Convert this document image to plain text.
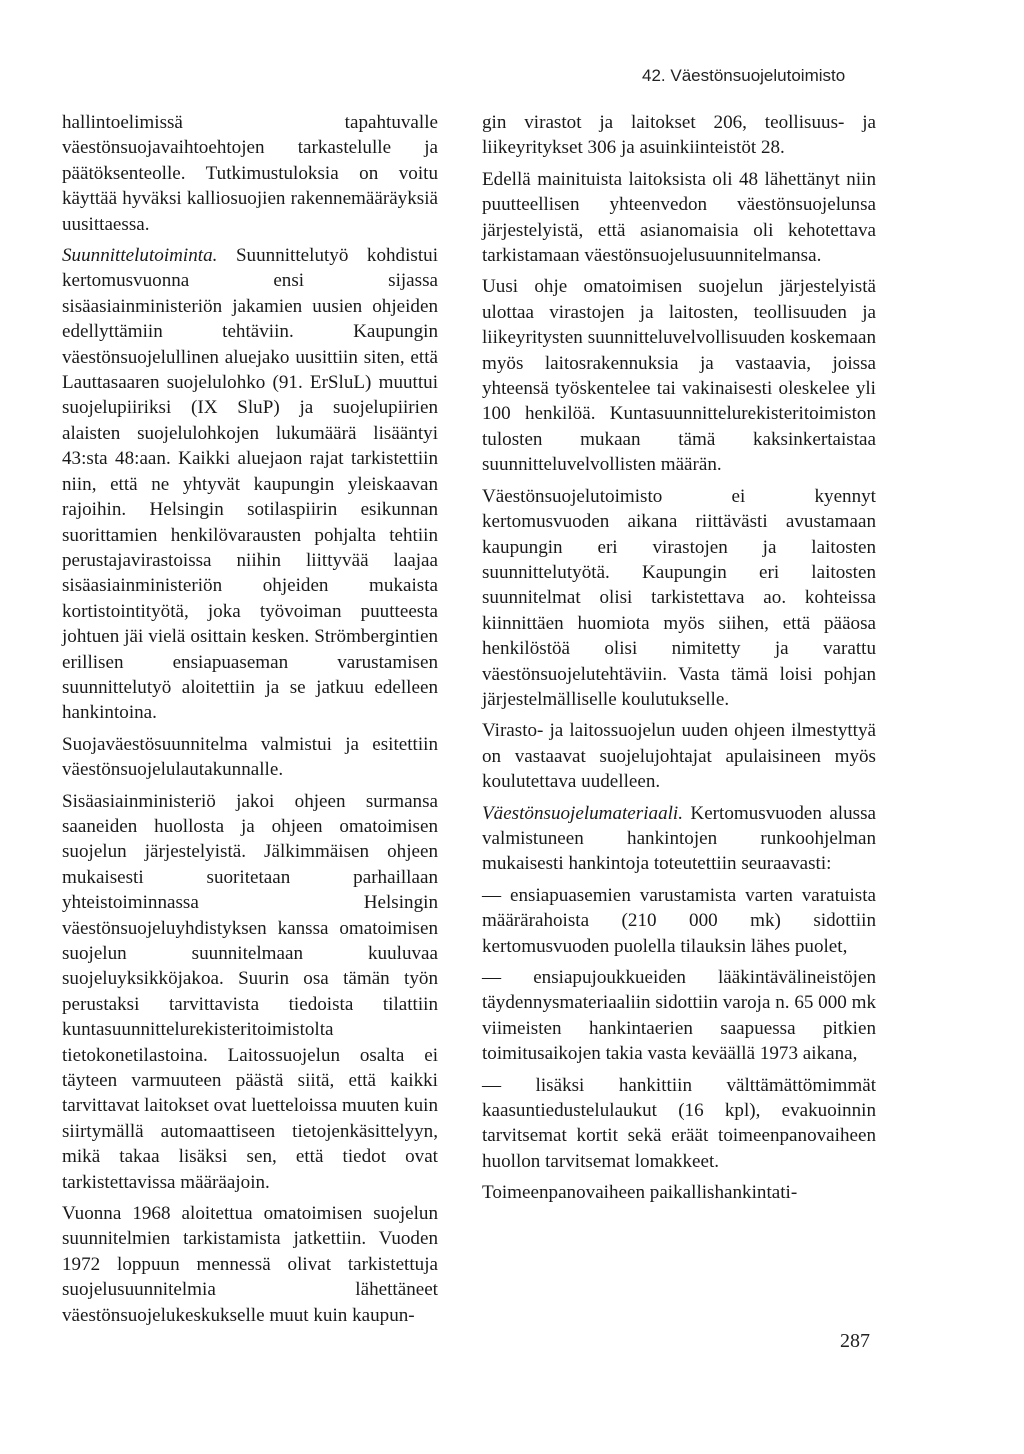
42. Väestönsuojelutoimisto

hallintoelimissä tapahtuvalle väestönsuojavaihtoehtojen tarkastelulle ja päätöksenteolle. Tutkimustuloksia on voitu käyttää hyväksi kalliosuojien rakennemääräyksiä uusittaessa.

Suunnittelutoiminta. Suunnittelutyö kohdistui kertomusvuonna ensi sijassa sisäasiainministeriön jakamien uusien ohjeiden edellyttämiin tehtäviin. Kaupungin väestönsuojelullinen aluejako uusittiin siten, että Lauttasaaren suojelulohko (91. ErSluL) muuttui suojelupiiriksi (IX SluP) ja suojelupiirien alaisten suojelulohkojen lukumäärä lisääntyi 43:sta 48:aan. Kaikki aluejaon rajat tarkistettiin niin, että ne yhtyvät kaupungin yleiskaavan rajoihin. Helsingin sotilaspiirin esikunnan suorittamien henkilövarausten pohjalta tehtiin perustajavirastoissa niihin liittyvää laajaa sisäasiainministeriön ohjeiden mukaista kortistointityötä, joka työvoiman puutteesta johtuen jäi vielä osittain kesken. Strömbergintien erillisen ensiapuaseman varustamisen suunnittelutyö aloitettiin ja se jatkuu edelleen hankintoina.

Suojaväestösuunnitelma valmistui ja esitettiin väestönsuojelulautakunnalle.

Sisäasiainministeriö jakoi ohjeen surmansa saaneiden huollosta ja ohjeen omatoimisen suojelun järjestelyistä. Jälkimmäisen ohjeen mukaisesti suoritetaan parhaillaan yhteistoiminnassa Helsingin väestönsuojeluyhdistyksen kanssa omatoimisen suojelun suunnitelmaan kuuluvaa suojeluyksikköjakoa. Suurin osa tämän työn perustaksi tarvittavista tiedoista tilattiin kuntasuunnittelurekisteritoimistolta tietokonetilastoina. Laitossuojelun osalta ei täyteen varmuuteen päästä siitä, että kaikki tarvittavat laitokset ovat luetteloissa muuten kuin siirtymällä automaattiseen tietojenkäsittelyyn, mikä takaa lisäksi sen, että tiedot ovat tarkistettavissa määräajoin.

Vuonna 1968 aloitettua omatoimisen suojelun suunnitelmien tarkistamista jatkettiin. Vuoden 1972 loppuun mennessä olivat tarkistettuja suojelusuunnitelmia lähettäneet väestönsuojelukeskukselle muut kuin kaupun-

gin virastot ja laitokset 206, teollisuus- ja liikeyritykset 306 ja asuinkiinteistöt 28.

Edellä mainituista laitoksista oli 48 lähettänyt niin puutteellisen yhteenvedon väestönsuojelunsa järjestelyistä, että asianomaisia oli kehotettava tarkistamaan väestönsuojelusuunnitelmansa.

Uusi ohje omatoimisen suojelun järjestelyistä ulottaa virastojen ja laitosten, teollisuuden ja liikeyritysten suunnitteluvelvollisuuden koskemaan myös laitosrakennuksia ja vastaavia, joissa yhteensä työskentelee tai vakinaisesti oleskelee yli 100 henkilöä. Kuntasuunnittelurekisteritoimiston tulosten mukaan tämä kaksinkertaistaa suunnitteluvelvollisten määrän.

Väestönsuojelutoimisto ei kyennyt kertomusvuoden aikana riittävästi avustamaan kaupungin eri virastojen ja laitosten suunnittelutyötä. Kaupungin eri laitosten suunnitelmat olisi tarkistettava ao. kohteissa kiinnittäen huomiota myös siihen, että pääosa henkilöstöä olisi nimitetty ja varattu väestönsuojelutehtäviin. Vasta tämä loisi pohjan järjestelmälliselle koulutukselle.

Virasto- ja laitossuojelun uuden ohjeen ilmestyttyä on vastaavat suojelujohtajat apulaisineen myös koulutettava uudelleen.

Väestönsuojelumateriaali. Kertomusvuoden alussa valmistuneen hankintojen runkoohjelman mukaisesti hankintoja toteutettiin seuraavasti:

— ensiapuasemien varustamista varten varatuista määrärahoista (210 000 mk) sidottiin kertomusvuoden puolella tilauksin lähes puolet,

— ensiapujoukkueiden lääkintävälineistöjen täydennysmateriaaliin sidottiin varoja n. 65 000 mk viimeisten hankintaerien saapuessa pitkien toimitusaikojen takia vasta keväällä 1973 aikana,

— lisäksi hankittiin välttämättömimmät kaasuntiedustelulaukut (16 kpl), evakuoinnin tarvitsemat kortit sekä eräät toimeenpanovaiheen huollon tarvitsemat lomakkeet.

Toimeenpanovaiheen paikallishankintati-

287
